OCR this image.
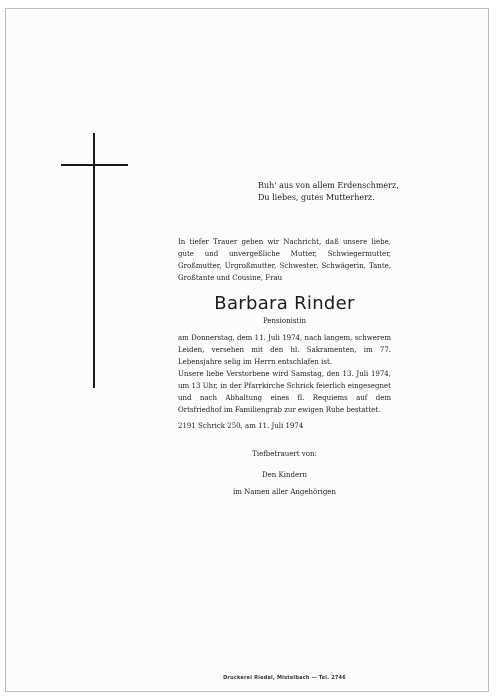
Ruh' aus von allem Erdenschmerz,

Du liebes, gutes Mutterherz.

In tiefer Trauer geben wir Nachricht, daß unsere liebe, gute und unvergeßliche Mutter, Schwiegermutter, Großmutter, Urgroßmutter, Schwester, Schwägerin, Tante, Großtante und Cousine, Frau

Barbara Rinder
Pensionistin

am Donnerstag, dem 11. Juli 1974, nach langem, schwerem Leiden, versehen mit den hl. Sakramenten, im 77. Lebensjahre selig im Herrn entschlafen ist.

Unsere liebe Verstorbene wird Samstag, den 13. Juli 1974, um 13 Uhr, in der Pfarrkirche Schrick feierlich eingesegnet und nach Abhaltung eines fl. Requiems auf dem Ortsfriedhof im Familiengrab zur ewigen Ruhe bestattet.

2191 Schrick 250, am 11. Juli 1974
Tiefbetrauert von:
Den Kindern
im Namen aller Angehörigen
Druckerei Riedel, Mistelbach — Tel. 2746
